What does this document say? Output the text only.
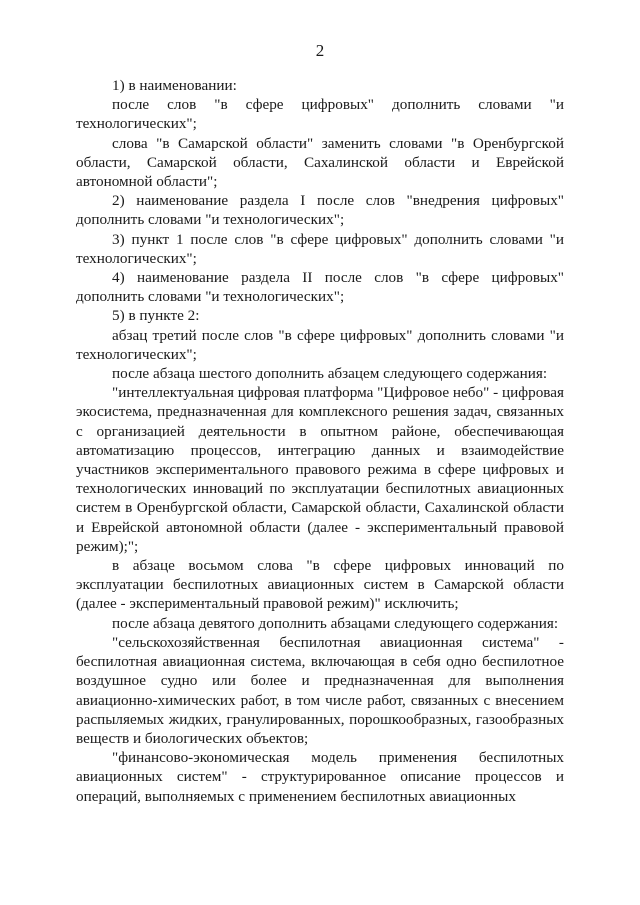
2

1) в наименовании:

после слов "в сфере цифровых" дополнить словами "и технологических";

слова "в Самарской области" заменить словами "в Оренбургской области, Самарской области, Сахалинской области и Еврейской автономной области";

2) наименование раздела I после слов "внедрения цифровых" дополнить словами "и технологических";

3) пункт 1 после слов "в сфере цифровых" дополнить словами "и технологических";

4) наименование раздела II после слов "в сфере цифровых" дополнить словами "и технологических";

5) в пункте 2:

абзац третий после слов "в сфере цифровых" дополнить словами "и технологических";

после абзаца шестого дополнить абзацем следующего содержания:

"интеллектуальная цифровая платформа "Цифровое небо" - цифровая экосистема, предназначенная для комплексного решения задач, связанных с организацией деятельности в опытном районе, обеспечивающая автоматизацию процессов, интеграцию данных и взаимодействие участников экспериментального правового режима в сфере цифровых и технологических инноваций по эксплуатации беспилотных авиационных систем в Оренбургской области, Самарской области, Сахалинской области и Еврейской автономной области (далее - экспериментальный правовой режим);";

в абзаце восьмом слова "в сфере цифровых инноваций по эксплуатации беспилотных авиационных систем в Самарской области (далее - экспериментальный правовой режим)" исключить;

после абзаца девятого дополнить абзацами следующего содержания:

"сельскохозяйственная беспилотная авиационная система" - беспилотная авиационная система, включающая в себя одно беспилотное воздушное судно или более и предназначенная для выполнения авиационно-химических работ, в том числе работ, связанных с внесением распыляемых жидких, гранулированных, порошкообразных, газообразных веществ и биологических объектов;

"финансово-экономическая модель применения беспилотных авиационных систем" - структурированное описание процессов и операций, выполняемых с применением беспилотных авиационных
